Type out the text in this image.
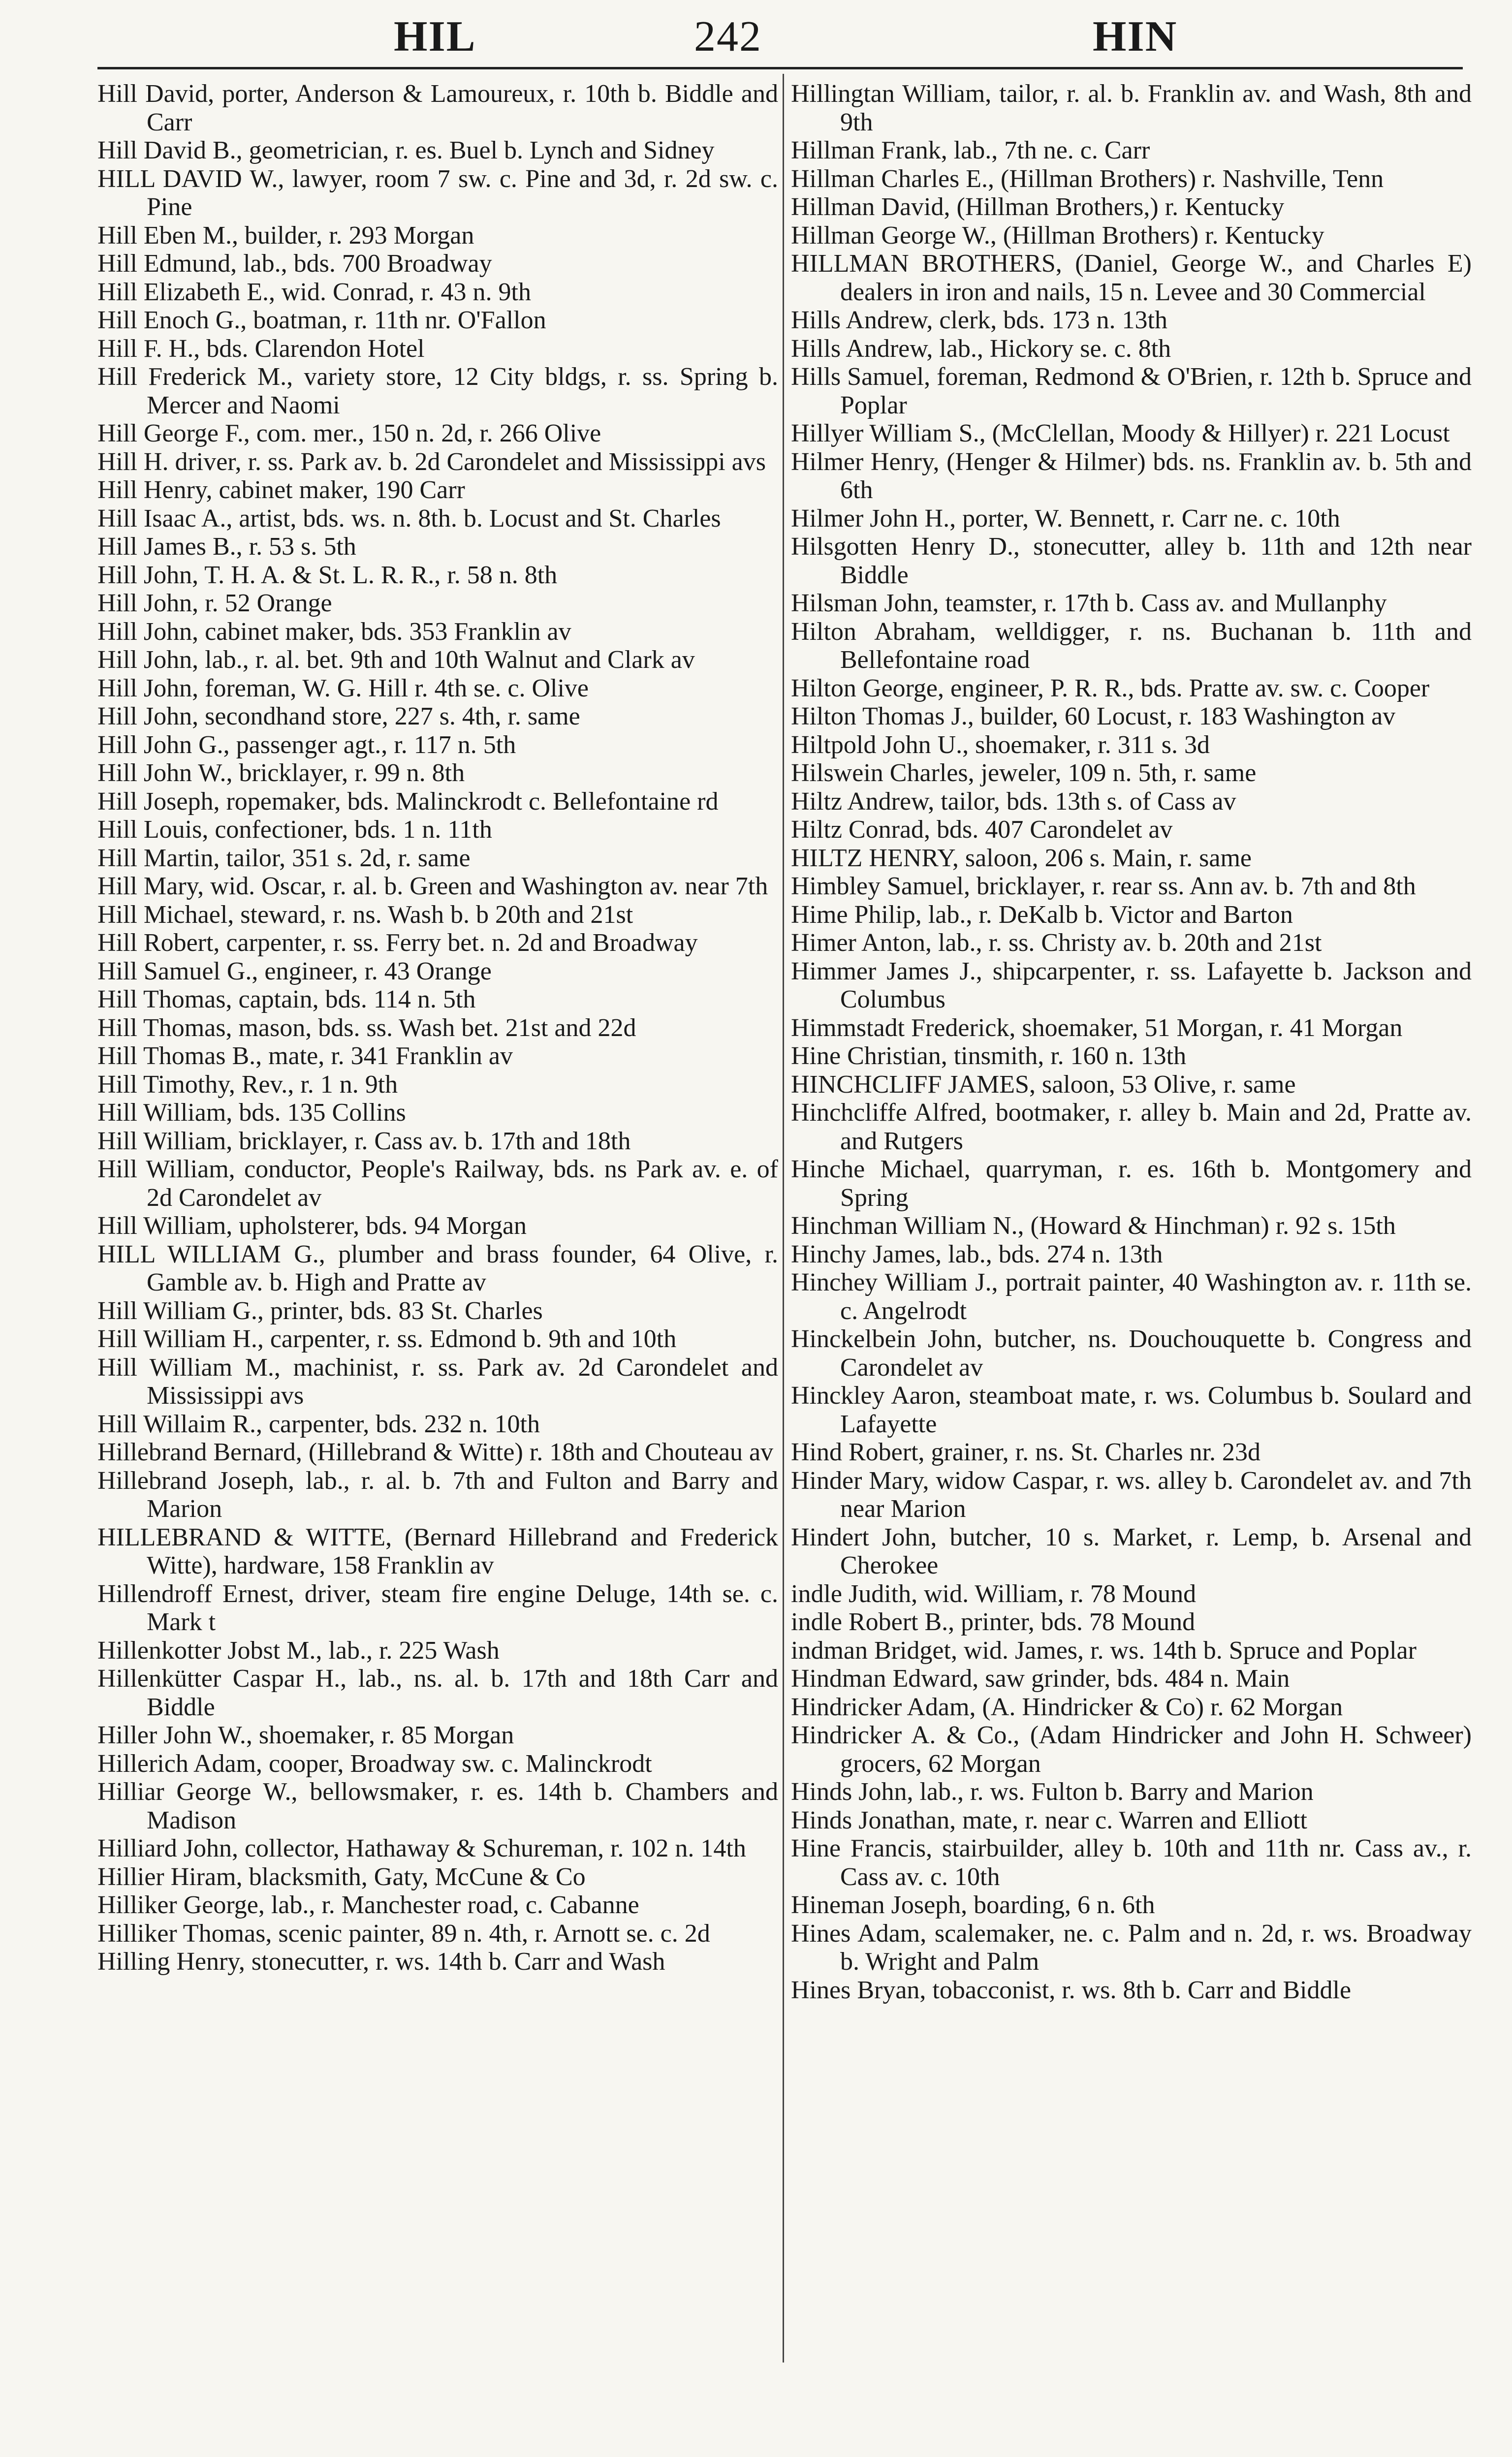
HIL	242	HIN
Hill David, porter, Anderson & Lamoureux, r. 10th b. Biddle and Carr
Hill David B., geometrician, r. es. Buel b. Lynch and Sidney
HILL DAVID W., lawyer, room 7 sw. c. Pine and 3d, r. 2d sw. c. Pine
Hill Eben M., builder, r. 293 Morgan
Hill Edmund, lab., bds. 700 Broadway
Hill Elizabeth E., wid. Conrad, r. 43 n. 9th
Hill Enoch G., boatman, r. 11th nr. O'Fallon
Hill F. H., bds. Clarendon Hotel
Hill Frederick M., variety store, 12 City bldgs, r. ss. Spring b. Mercer and Naomi
Hill George F., com. mer., 150 n. 2d, r. 266 Olive
Hill H. driver, r. ss. Park av. b. 2d Carondelet and Mississippi avs
Hill Henry, cabinet maker, 190 Carr
Hill Isaac A., artist, bds. ws. n. 8th. b. Locust and St. Charles
Hill James B., r. 53 s. 5th
Hill John, T. H. A. & St. L. R. R., r. 58 n. 8th
Hill John, r. 52 Orange
Hill John, cabinet maker, bds. 353 Franklin av
Hill John, lab., r. al. bet. 9th and 10th Walnut and Clark av
Hill John, foreman, W. G. Hill r. 4th se. c. Olive
Hill John, secondhand store, 227 s. 4th, r. same
Hill John G., passenger agt., r. 117 n. 5th
Hill John W., bricklayer, r. 99 n. 8th
Hill Joseph, ropemaker, bds. Malinckrodt c. Bellefontaine rd
Hill Louis, confectioner, bds. 1 n. 11th
Hill Martin, tailor, 351 s. 2d, r. same
Hill Mary, wid. Oscar, r. al. b. Green and Washington av. near 7th
Hill Michael, steward, r. ns. Wash b. b 20th and 21st
Hill Robert, carpenter, r. ss. Ferry bet. n. 2d and Broadway
Hill Samuel G., engineer, r. 43 Orange
Hill Thomas, captain, bds. 114 n. 5th
Hill Thomas, mason, bds. ss. Wash bet. 21st and 22d
Hill Thomas B., mate, r. 341 Franklin av
Hill Timothy, Rev., r. 1 n. 9th
Hill William, bds. 135 Collins
Hill William, bricklayer, r. Cass av. b. 17th and 18th
Hill William, conductor, People's Railway, bds. ns Park av. e. of 2d Carondelet av
Hill William, upholsterer, bds. 94 Morgan
HILL WILLIAM G., plumber and brass founder, 64 Olive, r. Gamble av. b. High and Pratte av
Hill William G., printer, bds. 83 St. Charles
Hill William H., carpenter, r. ss. Edmond b. 9th and 10th
Hill William M., machinist, r. ss. Park av. 2d Carondelet and Mississippi avs
Hill Willaim R., carpenter, bds. 232 n. 10th
Hillebrand Bernard, (Hillebrand & Witte) r. 18th and Chouteau av
Hillebrand Joseph, lab., r. al. b. 7th and Fulton and Barry and Marion
HILLEBRAND & WITTE, (Bernard Hillebrand and Frederick Witte), hardware, 158 Franklin av
Hillendroff Ernest, driver, steam fire engine Deluge, 14th se. c. Mark t
Hillenkotter Jobst M., lab., r. 225 Wash
Hillenkütter Caspar H., lab., ns. al. b. 17th and 18th Carr and Biddle
Hiller John W., shoemaker, r. 85 Morgan
Hillerich Adam, cooper, Broadway sw. c. Malinckrodt
Hilliar George W., bellowsmaker, r. es. 14th b. Chambers and Madison
Hilliard John, collector, Hathaway & Schureman, r. 102 n. 14th
Hillier Hiram, blacksmith, Gaty, McCune & Co
Hilliker George, lab., r. Manchester road, c. Cabanne
Hilliker Thomas, scenic painter, 89 n. 4th, r. Arnott se. c. 2d
Hilling Henry, stonecutter, r. ws. 14th b. Carr and Wash
Hillingtan William, tailor, r. al. b. Franklin av. and Wash, 8th and 9th
Hillman Frank, lab., 7th ne. c. Carr
Hillman Charles E., (Hillman Brothers) r. Nashville, Tenn
Hillman David, (Hillman Brothers,) r. Kentucky
Hillman George W., (Hillman Brothers) r. Kentucky
HILLMAN BROTHERS, (Daniel, George W., and Charles E) dealers in iron and nails, 15 n. Levee and 30 Commercial
Hills Andrew, clerk, bds. 173 n. 13th
Hills Andrew, lab., Hickory se. c. 8th
Hills Samuel, foreman, Redmond & O'Brien, r. 12th b. Spruce and Poplar
Hillyer William S., (McClellan, Moody & Hillyer) r. 221 Locust
Hilmer Henry, (Henger & Hilmer) bds. ns. Franklin av. b. 5th and 6th
Hilmer John H., porter, W. Bennett, r. Carr ne. c. 10th
Hilsgotten Henry D., stonecutter, alley b. 11th and 12th near Biddle
Hilsman John, teamster, r. 17th b. Cass av. and Mullanphy
Hilton Abraham, welldigger, r. ns. Buchanan b. 11th and Bellefontaine road
Hilton George, engineer, P. R. R., bds. Pratte av. sw. c. Cooper
Hilton Thomas J., builder, 60 Locust, r. 183 Washington av
Hiltpold John U., shoemaker, r. 311 s. 3d
Hilswein Charles, jeweler, 109 n. 5th, r. same
Hiltz Andrew, tailor, bds. 13th s. of Cass av
Hiltz Conrad, bds. 407 Carondelet av
HILTZ HENRY, saloon, 206 s. Main, r. same
Himbley Samuel, bricklayer, r. rear ss. Ann av. b. 7th and 8th
Hime Philip, lab., r. DeKalb b. Victor and Barton
Himer Anton, lab., r. ss. Christy av. b. 20th and 21st
Himmer James J., shipcarpenter, r. ss. Lafayette b. Jackson and Columbus
Himmstadt Frederick, shoemaker, 51 Morgan, r. 41 Morgan
Hine Christian, tinsmith, r. 160 n. 13th
HINCHCLIFF JAMES, saloon, 53 Olive, r. same
Hinchcliffe Alfred, bootmaker, r. alley b. Main and 2d, Pratte av. and Rutgers
Hinche Michael, quarryman, r. es. 16th b. Montgomery and Spring
Hinchman William N., (Howard & Hinchman) r. 92 s. 15th
Hinchy James, lab., bds. 274 n. 13th
Hinchey William J., portrait painter, 40 Washington av. r. 11th se. c. Angelrodt
Hinckelbein John, butcher, ns. Douchouquette b. Congress and Carondelet av
Hinckley Aaron, steamboat mate, r. ws. Columbus b. Soulard and Lafayette
Hind Robert, grainer, r. ns. St. Charles nr. 23d
Hinder Mary, widow Caspar, r. ws. alley b. Carondelet av. and 7th near Marion
Hindert John, butcher, 10 s. Market, r. Lemp, b. Arsenal and Cherokee
indle Judith, wid. William, r. 78 Mound
indle Robert B., printer, bds. 78 Mound
indman Bridget, wid. James, r. ws. 14th b. Spruce and Poplar
Hindman Edward, saw grinder, bds. 484 n. Main
Hindricker Adam, (A. Hindricker & Co) r. 62 Morgan
Hindricker A. & Co., (Adam Hindricker and John H. Schweer) grocers, 62 Morgan
Hinds John, lab., r. ws. Fulton b. Barry and Marion
Hinds Jonathan, mate, r. near c. Warren and Elliott
Hine Francis, stairbuilder, alley b. 10th and 11th nr. Cass av., r. Cass av. c. 10th
Hineman Joseph, boarding, 6 n. 6th
Hines Adam, scalemaker, ne. c. Palm and n. 2d, r. ws. Broadway b. Wright and Palm
Hines Bryan, tobacconist, r. ws. 8th b. Carr and Biddle
